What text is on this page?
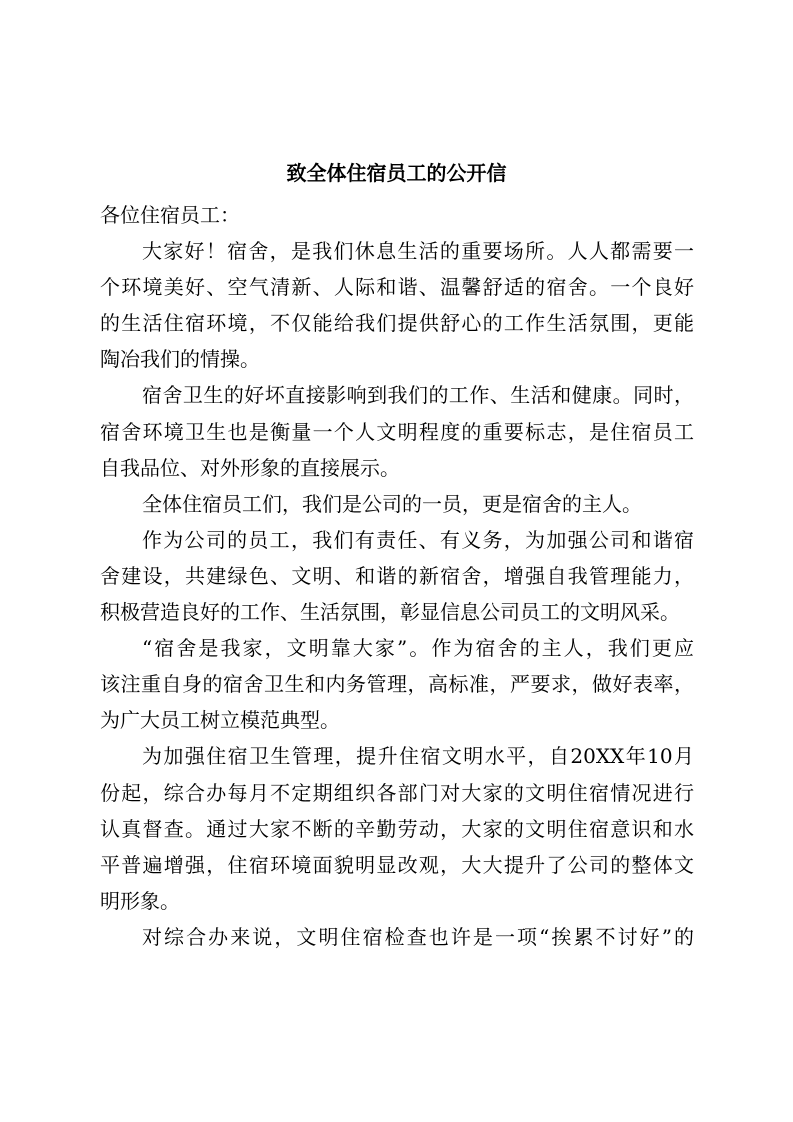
致全体住宿员工的公开信

各位住宿员工：

大家好！宿舍，是我们休息生活的重要场所。人人都需要一

个环境美好、空气清新、人际和谐、温馨舒适的宿舍。一个良好

的生活住宿环境，不仅能给我们提供舒心的工作生活氛围，更能

陶冶我们的情操。

宿舍卫生的好坏直接影响到我们的工作、生活和健康。同时，

宿舍环境卫生也是衡量一个人文明程度的重要标志，是住宿员工

自我品位、对外形象的直接展示。

全体住宿员工们，我们是公司的一员，更是宿舍的主人。

作为公司的员工，我们有责任、有义务，为加强公司和谐宿

舍建设，共建绿色、文明、和谐的新宿舍，增强自我管理能力，

积极营造良好的工作、生活氛围，彰显信息公司员工的文明风采。

“宿舍是我家，文明靠大家”。作为宿舍的主人，我们更应

该注重自身的宿舍卫生和内务管理，高标准，严要求，做好表率，

为广大员工树立模范典型。

为加强住宿卫生管理，提升住宿文明水平，自20XX年10月

份起，综合办每月不定期组织各部门对大家的文明住宿情况进行

认真督查。通过大家不断的辛勤劳动，大家的文明住宿意识和水

平普遍增强，住宿环境面貌明显改观，大大提升了公司的整体文

明形象。

对综合办来说，文明住宿检查也许是一项“挨累不讨好”的
